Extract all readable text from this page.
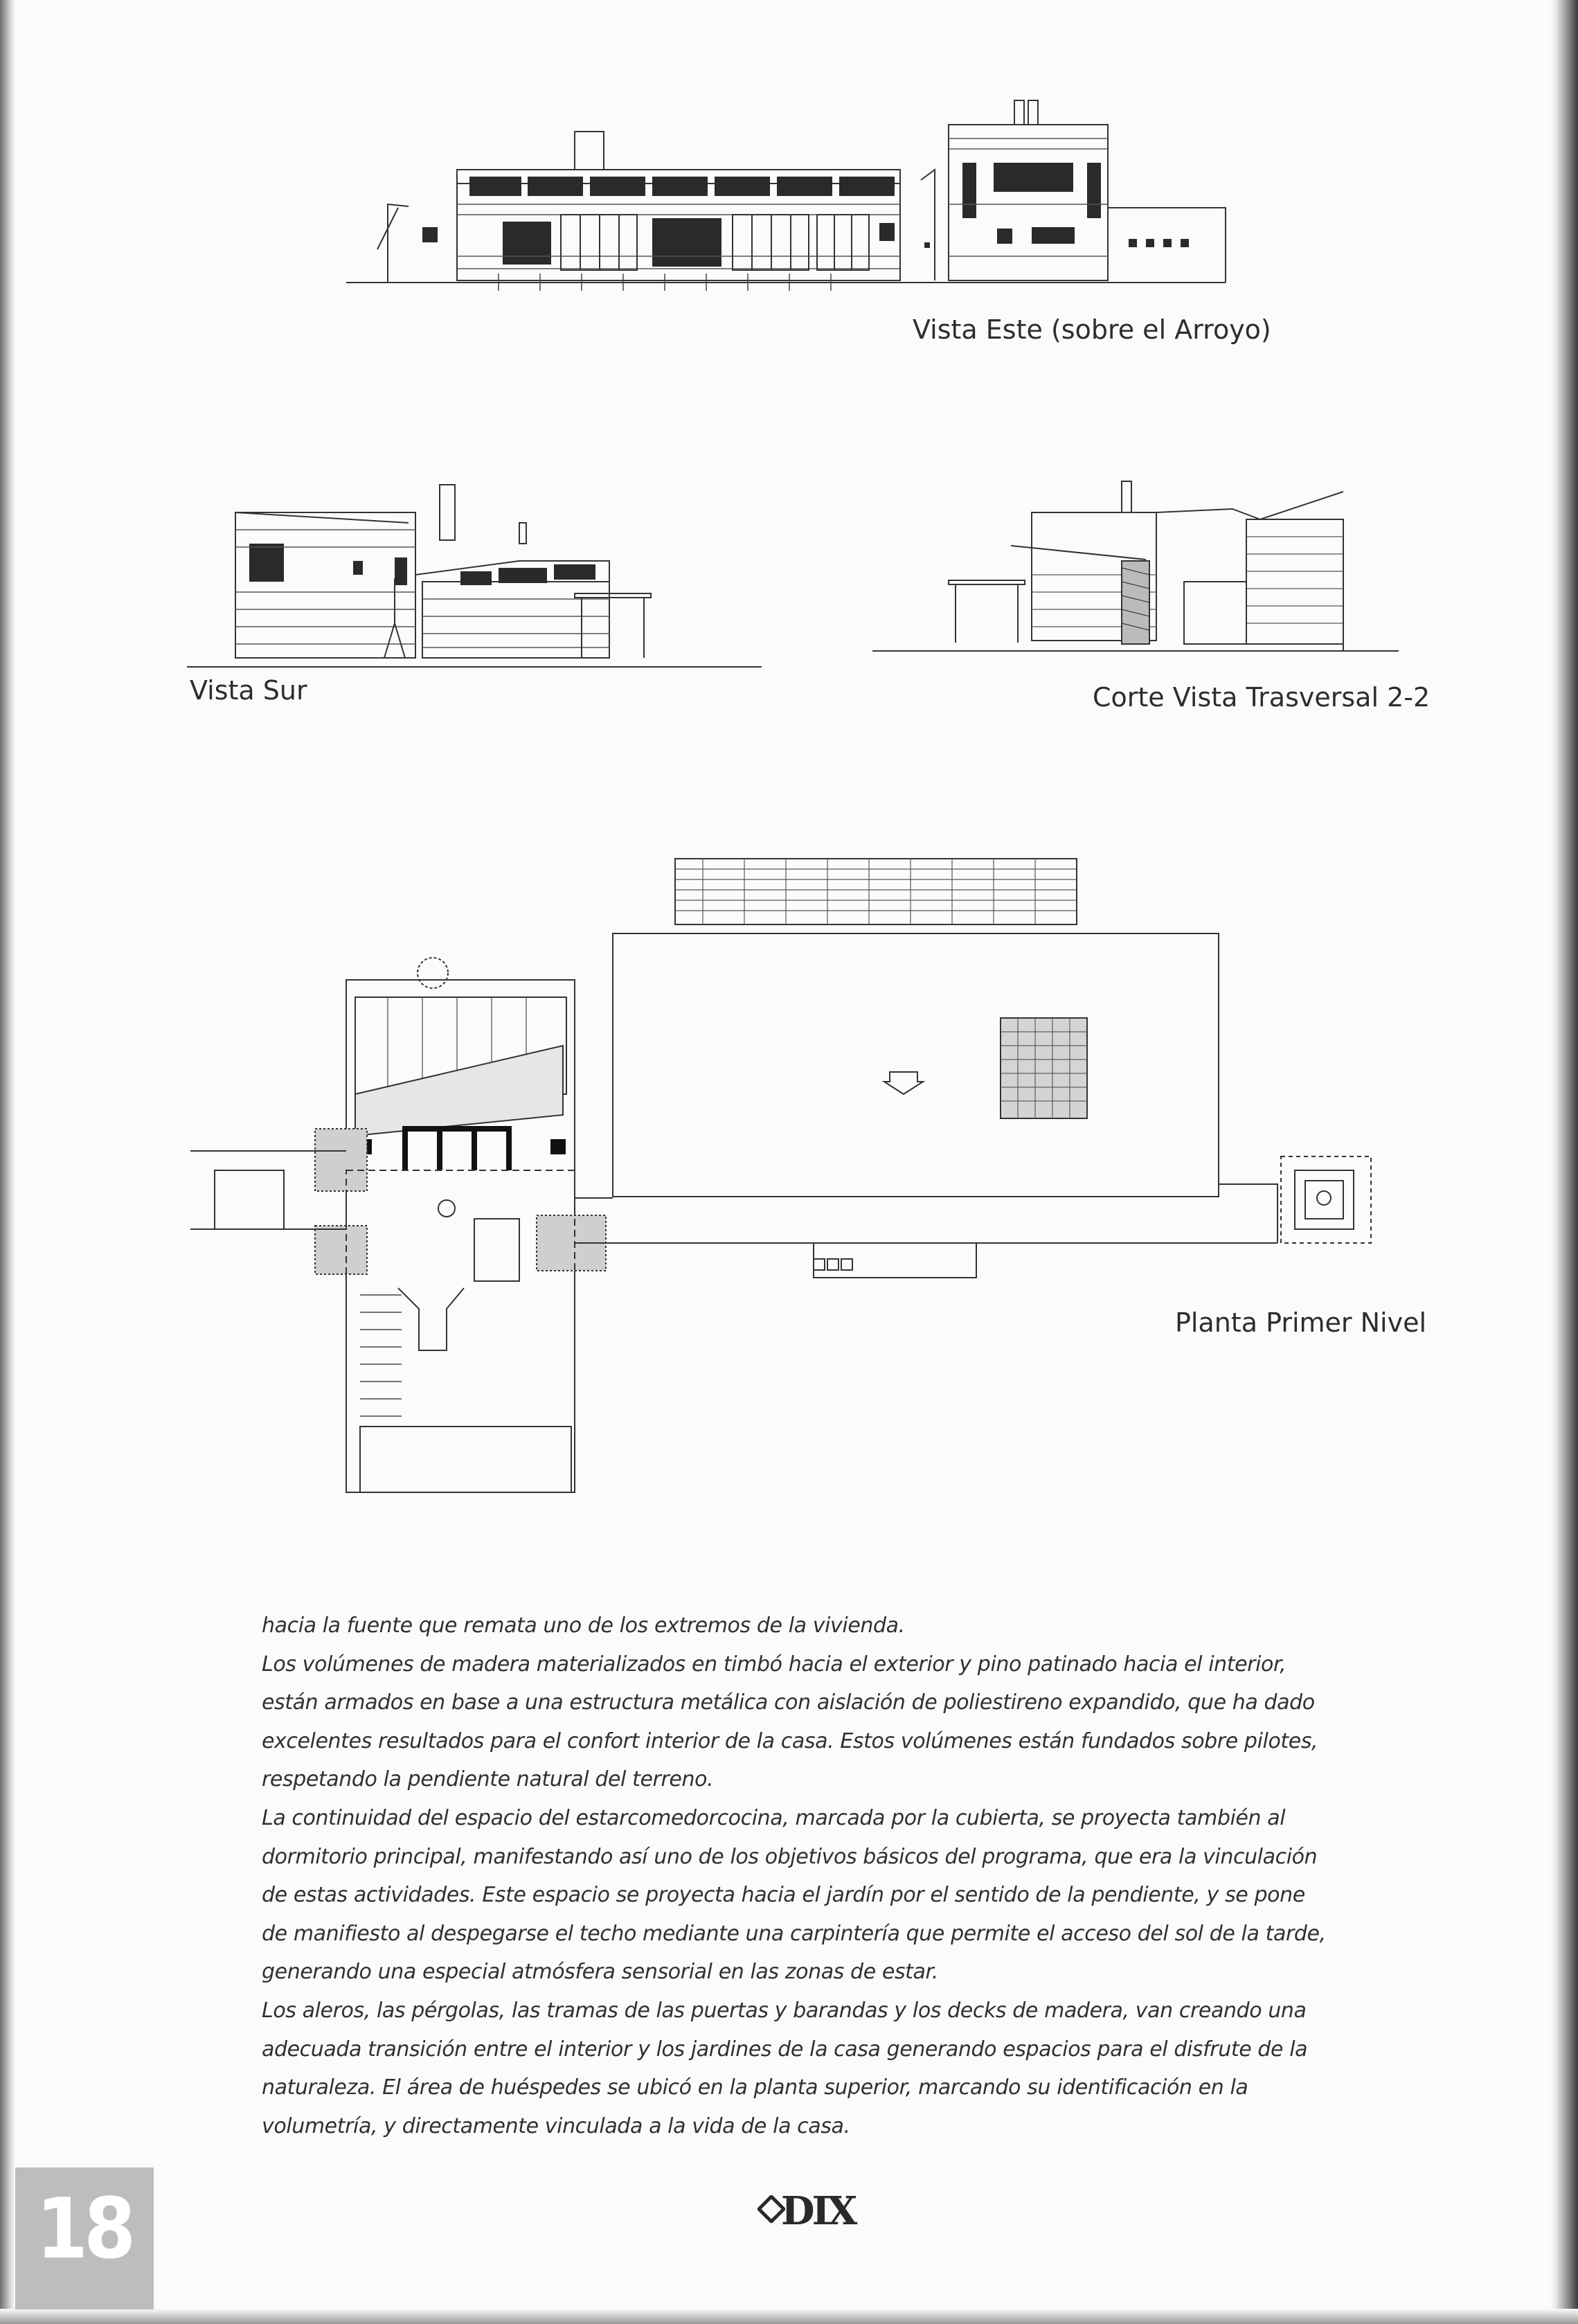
Vista Este (sobre el Arroyo)
Vista Sur	Corte Vista Trasversal 2-2
Planta Primer Nivel

hacia la fuente que remata uno de los extremos de la vivienda.

Los volúmenes de madera materializados en timbó hacia el exterior y pino patinado hacia el interior, están armados en base a una estructura metálica con aislación de poliestireno expandido, que ha dado excelentes resultados para el confort interior de la casa. Estos volúmenes están fundados sobre pilotes, respetando la pendiente natural del terreno.

La continuidad del espacio del estarcomedorcocina, marcada por la cubierta, se proyecta también al dormitorio principal, manifestando así uno de los objetivos básicos del programa, que era la vinculación de estas actividades. Este espacio se proyecta hacia el jardín por el sentido de la pendiente, y se pone de manifiesto al despegarse el techo mediante una carpintería que permite el acceso del sol de la tarde, generando una especial atmósfera sensorial en las zonas de estar.

Los aleros, las pérgolas, las tramas de las puertas y barandas y los decks de madera, van creando una adecuada transición entre el interior y los jardines de la casa generando espacios para el disfrute de la naturaleza. El área de huéspedes se ubicó en la planta superior, marcando su identificación en la volumetría, y directamente vinculada a la vida de la casa.

18	DIX
